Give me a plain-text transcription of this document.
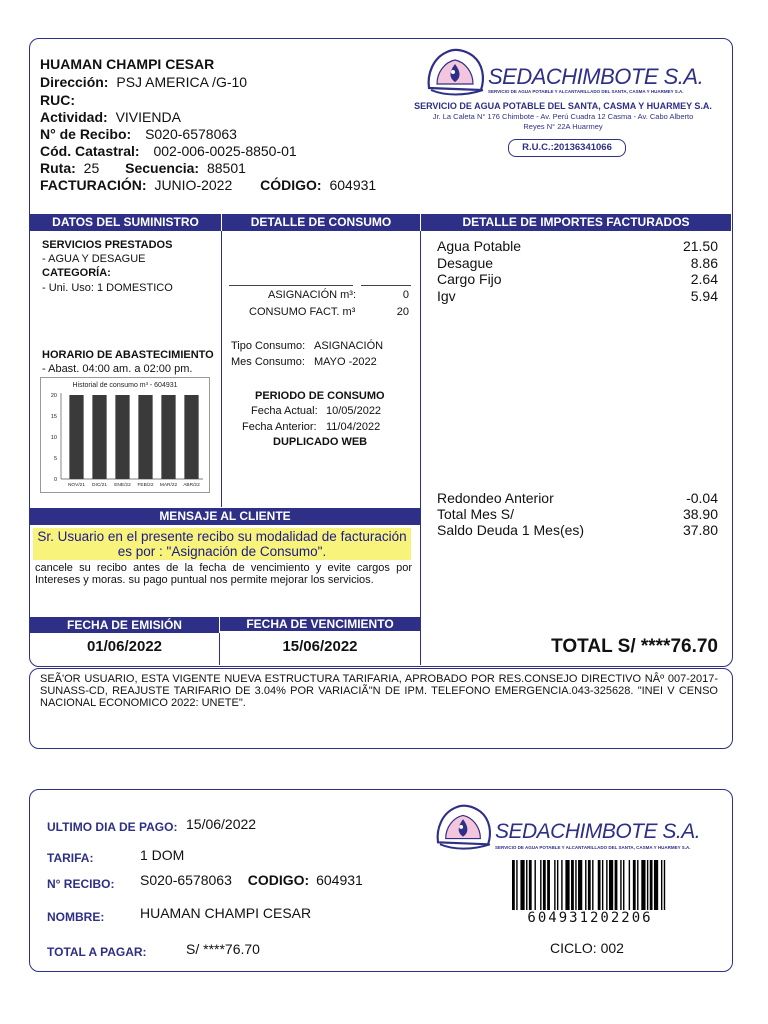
HUAMAN CHAMPI CESAR
Dirección: PSJ AMERICA /G-10
RUC:
Actividad: VIVIENDA
N° de Recibo: S020-6578063
Cód. Catastral: 002-006-0025-8850-01
Ruta: 25 Secuencia: 88501
FACTURACIÓN: JUNIO-2022 CÓDIGO: 604931
SEDACHIMBOTE S.A.
SERVICIO DE AGUA POTABLE Y ALCANTARILLADO DEL SANTA, CASMA Y HUARMEY S.A.
SERVICIO DE AGUA POTABLE DEL SANTA, CASMA Y HUARMEY S.A.
Jr. La Caleta N° 176 Chimbote - Av. Perú Cuadra 12 Casma - Av. Cabo Alberto
Reyes N° 22A Huarmey
R.U.C.:20136341066
DATOS DEL SUMINISTRO	DETALLE DE CONSUMO	DETALLE DE IMPORTES FACTURADOS
SERVICIOS PRESTADOS
- AGUA Y DESAGUE
CATEGORÍA:
- Uni. Uso: 1 DOMESTICO
HORARIO DE ABASTECIMIENTO
- Abast. 04:00 am. a 02:00 pm.
Historial de consumo m³ - 604931
0
5
10
15
20
NOV/21 DIC/21 ENE/22 FEB/22 MAR/22 ABR/22
ASIGNACIÓN m³:	0
CONSUMO FACT. m³	20
Tipo Consumo: ASIGNACIÓN
Mes Consumo: MAYO -2022
PERIODO DE CONSUMO
Fecha Actual: 10/05/2022
Fecha Anterior: 11/04/2022
DUPLICADO WEB
Agua Potable	21.50
Desague	8.86
Cargo Fijo	2.64
Igv	5.94
Redondeo Anterior	-0.04
Total Mes S/	38.90
Saldo Deuda 1 Mes(es)	37.80
TOTAL S/ ****76.70
MENSAJE AL CLIENTE
Sr. Usuario en el presente recibo su modalidad de facturación es por : "Asignación de Consumo".
cancele su recibo antes de la fecha de vencimiento y evite cargos por Intereses y moras. su pago puntual nos permite mejorar los servicios.
FECHA DE EMISIÓN	FECHA DE VENCIMIENTO
01/06/2022	15/06/2022
SEÃ'OR USUARIO, ESTA VIGENTE NUEVA ESTRUCTURA TARIFARIA, APROBADO POR RES.CONSEJO DIRECTIVO NÂº 007-2017-SUNASS-CD, REAJUSTE TARIFARIO DE 3.04% POR VARIACIÃ"N DE IPM. TELEFONO EMERGENCIA.043-325628. "INEI V CENSO NACIONAL ECONOMICO 2022: UNETE".
ULTIMO DIA DE PAGO: 15/06/2022
TARIFA:	1 DOM
N° RECIBO: S020-6578063 CODIGO: 604931
NOMBRE:	HUAMAN CHAMPI CESAR
TOTAL A PAGAR:	S/ ****76.70
SEDACHIMBOTE S.A.
SERVICIO DE AGUA POTABLE Y ALCANTARILLADO DEL SANTA, CASMA Y HUARMEY S.A.
604931202206
CICLO: 002
